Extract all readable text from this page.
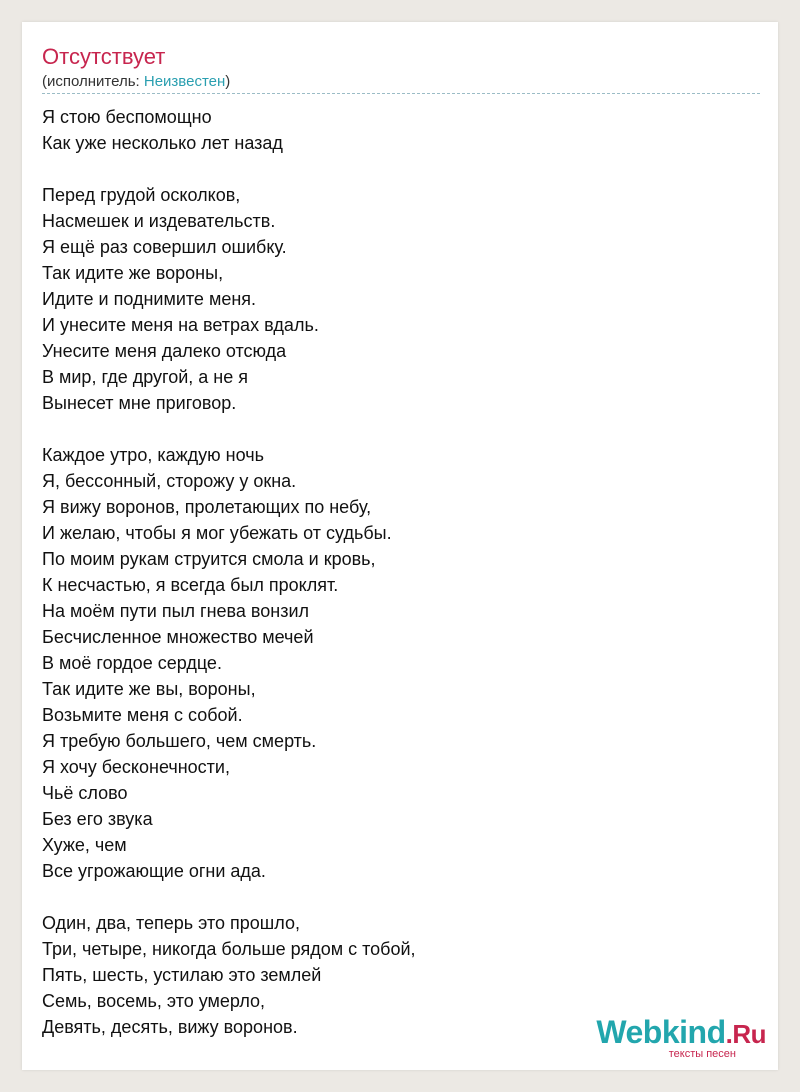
Отсутствует

(исполнитель: Неизвестен)

Я стою беспомощно
Как уже несколько лет назад
Перед грудой осколков,
Насмешек и издевательств.
Я ещё раз совершил ошибку.
Так идите же вороны,
Идите и поднимите меня.
И унесите меня на ветрах вдаль.
Унесите меня далеко отсюда
В мир, где другой, а не я
Вынесет мне приговор.
Каждое утро, каждую ночь
Я, бессонный, сторожу у окна.
Я вижу воронов, пролетающих по небу,
И желаю, чтобы я мог убежать от судьбы.
По моим рукам струится смола и кровь,
К несчастью, я всегда был проклят.
На моём пути пыл гнева вонзил
Бесчисленное множество мечей
В моё гордое сердце.
Так идите же вы, вороны,
Возьмите меня с собой.
Я требую большего, чем смерть.
Я хочу бесконечности,
Чьё слово
Без его звука
Хуже, чем
Все угрожающие огни ада.
Один, два, теперь это прошло,
Три, четыре, никогда больше рядом с тобой,
Пять, шесть, устилаю это землей
Семь, восемь, это умерло,
Девять, десять, вижу воронов.	Webkind.Ru
тексты песен
